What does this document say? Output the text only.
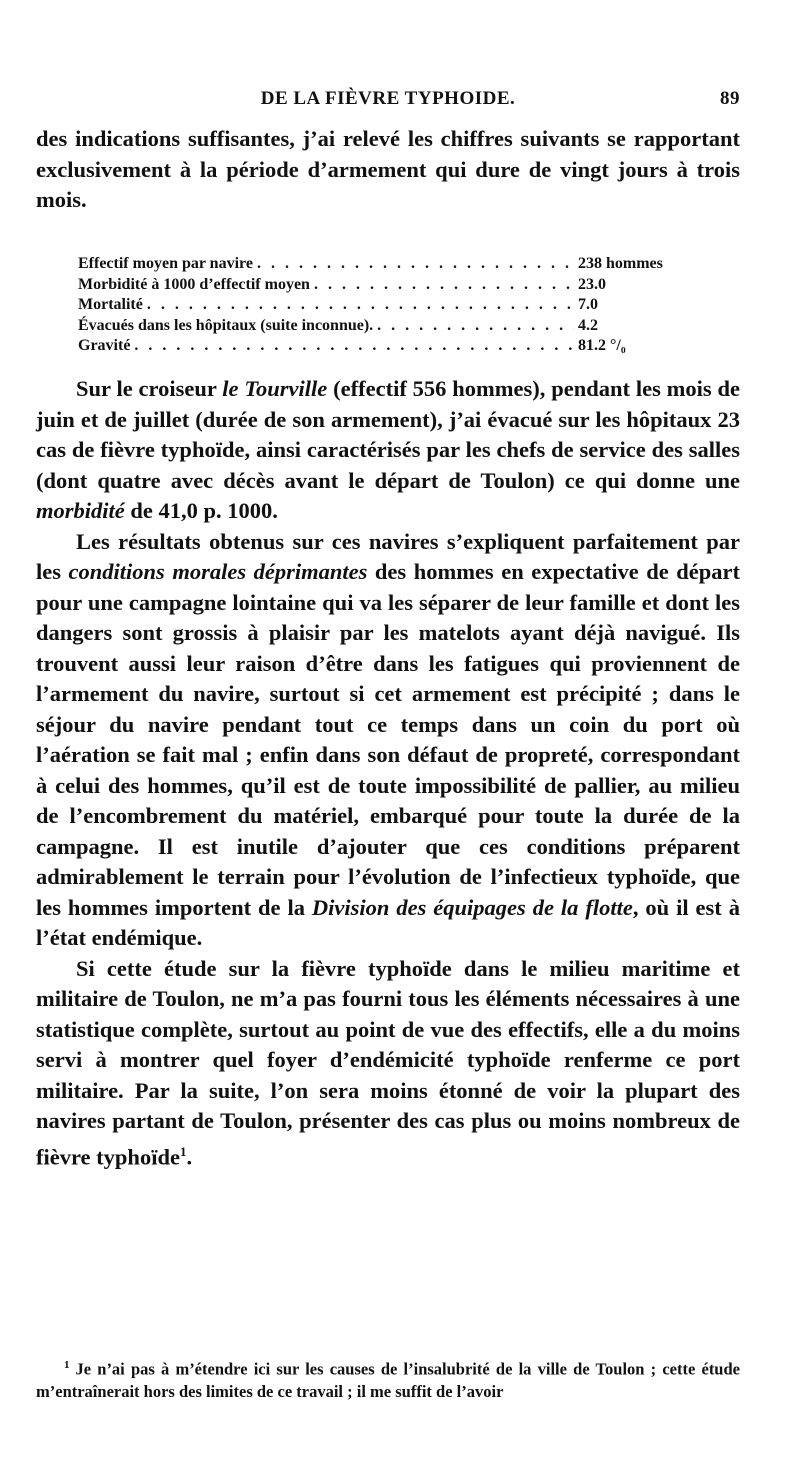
DE LA FIÈVRE TYPHOIDE.	89

des indications suffisantes, j’ai relevé les chiffres suivants se rapportant exclusivement à la période d’armement qui dure de vingt jours à trois mois.

Effectif moyen par navire . . .	238 hommes
Morbidité à 1000 d’effectif moyen . . .	23.0
Mortalité . . .	7.0
Évacués dans les hôpitaux (suite inconnue). . . .	4.2
Gravité . . .	81.2 °/₀

Sur le croiseur le Tourville (effectif 556 hommes), pendant les mois de juin et de juillet (durée de son armement), j’ai évacué sur les hôpitaux 23 cas de fièvre typhoïde, ainsi caractérisés par les chefs de service des salles (dont quatre avec décès avant le départ de Toulon) ce qui donne une morbidité de 41,0 p. 1000.

Les résultats obtenus sur ces navires s’expliquent parfaitement par les conditions morales déprimantes des hommes en expectative de départ pour une campagne lointaine qui va les séparer de leur famille et dont les dangers sont grossis à plaisir par les matelots ayant déjà navigué. Ils trouvent aussi leur raison d’être dans les fatigues qui proviennent de l’armement du navire, surtout si cet armement est précipité ; dans le séjour du navire pendant tout ce temps dans un coin du port où l’aération se fait mal ; enfin dans son défaut de propreté, correspondant à celui des hommes, qu’il est de toute impossibilité de pallier, au milieu de l’encombrement du matériel, embarqué pour toute la durée de la campagne. Il est inutile d’ajouter que ces conditions préparent admirablement le terrain pour l’évolution de l’infectieux typhoïde, que les hommes importent de la Division des équipages de la flotte, où il est à l’état endémique.

Si cette étude sur la fièvre typhoïde dans le milieu maritime et militaire de Toulon, ne m’a pas fourni tous les éléments nécessaires à une statistique complète, surtout au point de vue des effectifs, elle a du moins servi à montrer quel foyer d’endémicité typhoïde renferme ce port militaire. Par la suite, l’on sera moins étonné de voir la plupart des navires partant de Toulon, présenter des cas plus ou moins nombreux de fièvre typhoïde$^1$.

$^1$ Je n’ai pas à m’étendre ici sur les causes de l’insalubrité de la ville de Toulon ; cette étude m’entraînerait hors des limites de ce travail ; il me suffit de l’avoir
